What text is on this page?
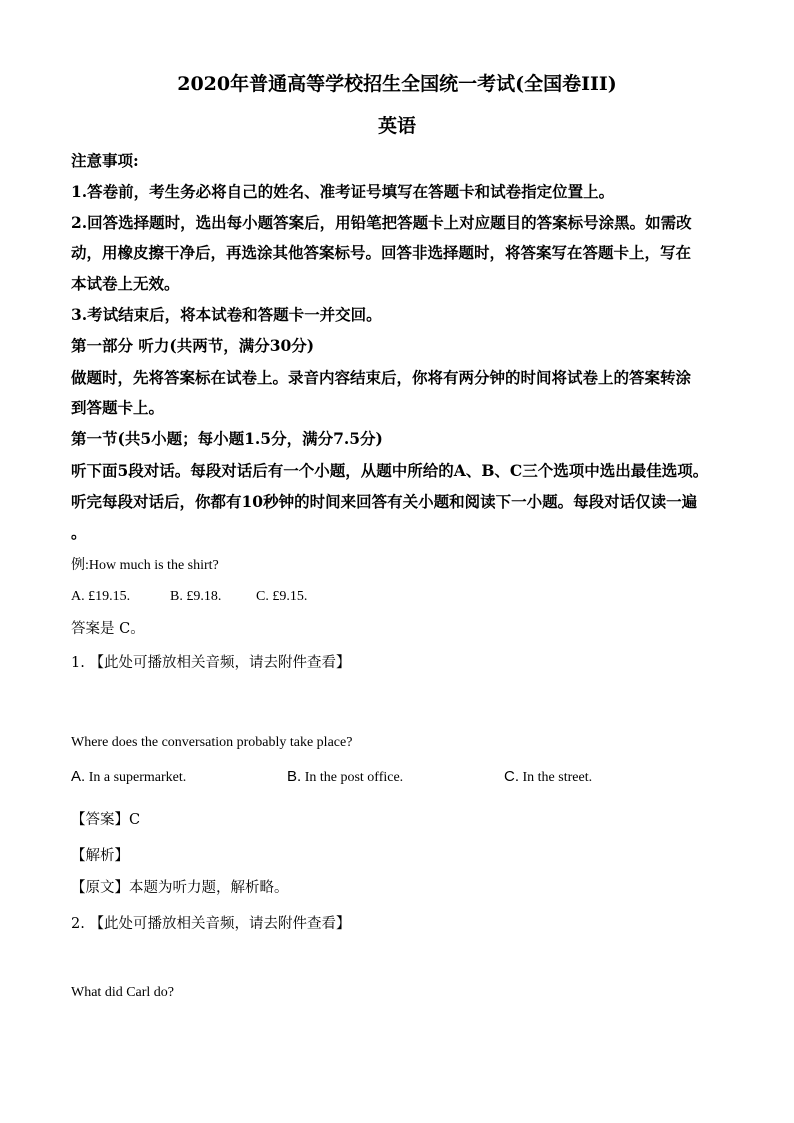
2020年普通高等学校招生全国统一考试(全国卷III)
英语
注意事项:
1.答卷前，考生务必将自己的姓名、准考证号填写在答题卡和试卷指定位置上。
2.回答选择题时，选出每小题答案后，用铅笔把答题卡上对应题目的答案标号涂黑。如需改
动，用橡皮擦干净后，再选涂其他答案标号。回答非选择题时，将答案写在答题卡上，写在
本试卷上无效。
3.考试结束后，将本试卷和答题卡一并交回。
第一部分 听力(共两节，满分30分)
做题时，先将答案标在试卷上。录音内容结束后，你将有两分钟的时间将试卷上的答案转涂
到答题卡上。
第一节(共5小题；每小题1.5分，满分7.5分)
听下面5段对话。每段对话后有一个小题，从题中所给的A、B、C三个选项中选出最佳选项。
听完每段对话后，你都有10秒钟的时间来回答有关小题和阅读下一小题。每段对话仅读一遍
。
例:How much is the shirt?
A. £19.15.	B. £9.18. C. £9.15.
答案是 C。
1. 【此处可播放相关音频，请去附件查看】
Where does the conversation probably take place?
A. In a supermarket.	B. In the post office.	C. In the street.
【答案】C
【解析】
【原文】本题为听力题，解析略。
2. 【此处可播放相关音频，请去附件查看】
What did Carl do?
